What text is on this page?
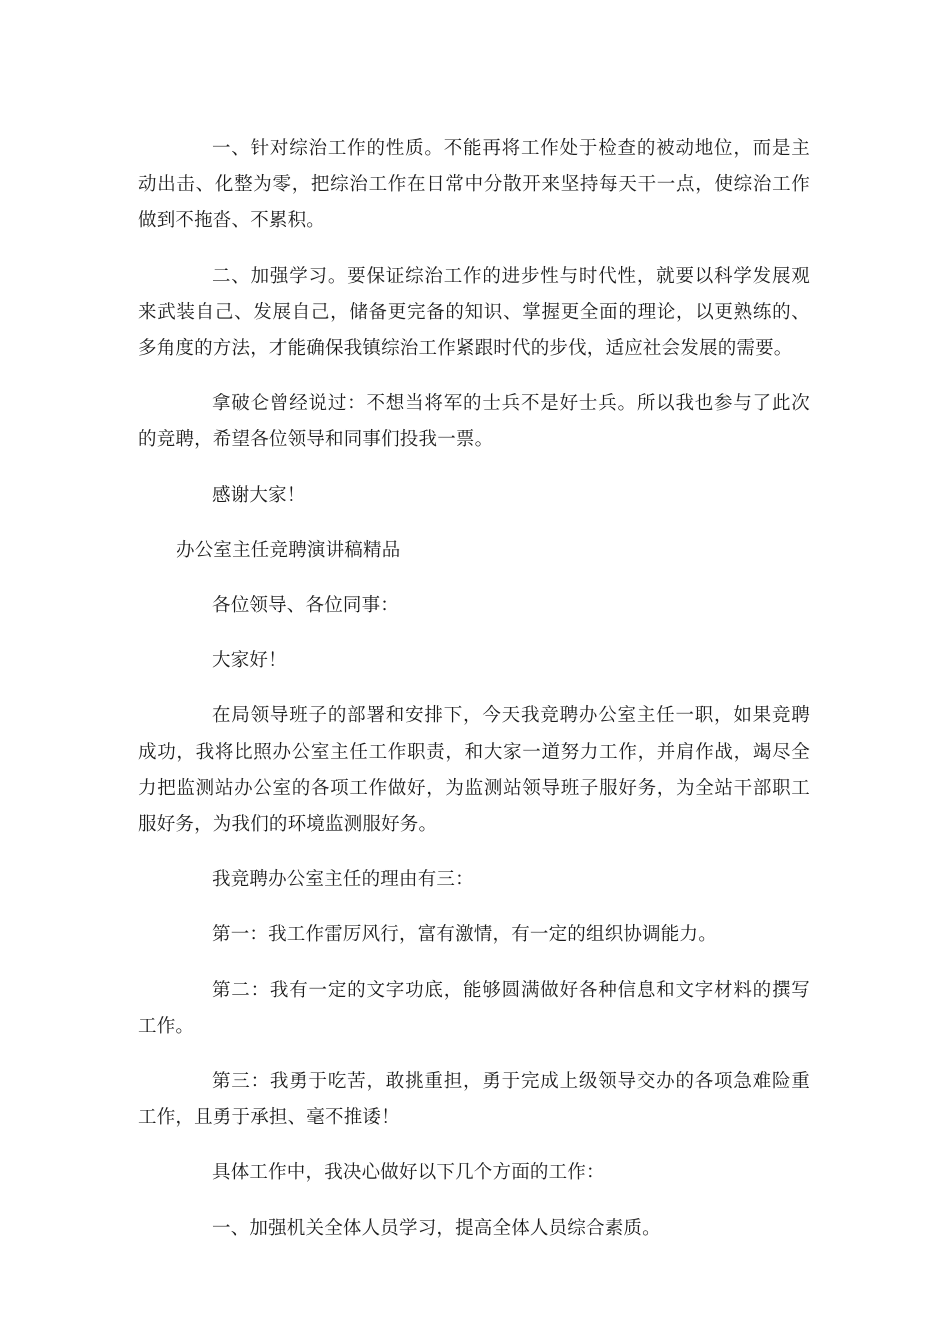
一、针对综治工作的性质。不能再将工作处于检查的被动地位，而是主动出击、化整为零，把综治工作在日常中分散开来坚持每天干一点，使综治工作做到不拖沓、不累积。

二、加强学习。要保证综治工作的进步性与时代性，就要以科学发展观来武装自己、发展自己，储备更完备的知识、掌握更全面的理论，以更熟练的、多角度的方法，才能确保我镇综治工作紧跟时代的步伐，适应社会发展的需要。

拿破仑曾经说过：不想当将军的士兵不是好士兵。所以我也参与了此次的竞聘，希望各位领导和同事们投我一票。

感谢大家！

办公室主任竞聘演讲稿精品

各位领导、各位同事：

大家好！

在局领导班子的部署和安排下，今天我竞聘办公室主任一职，如果竞聘成功，我将比照办公室主任工作职责，和大家一道努力工作，并肩作战，竭尽全力把监测站办公室的各项工作做好，为监测站领导班子服好务，为全站干部职工服好务，为我们的环境监测服好务。

我竞聘办公室主任的理由有三：

第一：我工作雷厉风行，富有激情，有一定的组织协调能力。

第二：我有一定的文字功底，能够圆满做好各种信息和文字材料的撰写工作。

第三：我勇于吃苦，敢挑重担，勇于完成上级领导交办的各项急难险重工作，且勇于承担、毫不推诿！

具体工作中，我决心做好以下几个方面的工作：

一、加强机关全体人员学习，提高全体人员综合素质。
